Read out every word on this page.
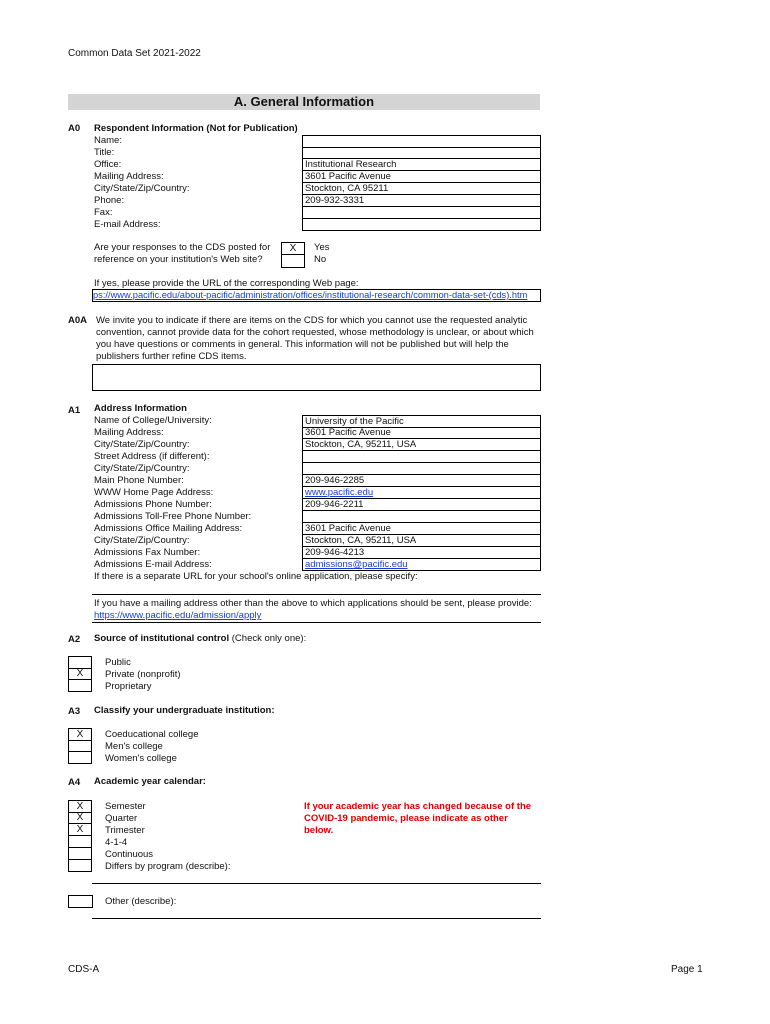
Common Data Set 2021-2022
A. General Information
A0 Respondent Information (Not for Publication)
Name:
Title:
Office:	Institutional Research
Mailing Address:	3601 Pacific Avenue
City/State/Zip/Country:	Stockton, CA 95211
Phone:	209-932-3331
Fax:
E-mail Address:
Are your responses to the CDS posted for
reference on your institution's Web site?
X	Yes
No
If yes, please provide the URL of the corresponding Web page:
ps://www.pacific.edu/about-pacific/administration/offices/institutional-research/common-data-set-(cds).htm
A0A We invite you to indicate if there are items on the CDS for which you cannot use the requested analytic
convention, cannot provide data for the cohort requested, whose methodology is unclear, or about which
you have questions or comments in general. This information will not be published but will help the
publishers further refine CDS items.
A1 Address Information
Name of College/University:	University of the Pacific
Mailing Address:	3601 Pacific Avenue
City/State/Zip/Country:	Stockton, CA, 95211, USA
Street Address (if different):
City/State/Zip/Country:
Main Phone Number:	209-946-2285
WWW Home Page Address:	www.pacific.edu
Admissions Phone Number:	209-946-2211
Admissions Toll-Free Phone Number:
Admissions Office Mailing Address:	3601 Pacific Avenue
City/State/Zip/Country:	Stockton, CA, 95211, USA
Admissions Fax Number:	209-946-4213
Admissions E-mail Address:	admissions@pacific.edu
If there is a separate URL for your school's online application, please specify:
If you have a mailing address other than the above to which applications should be sent, please provide:
https://www.pacific.edu/admission/apply
A2 Source of institutional control (Check only one):
Public
X	Private (nonprofit)
Proprietary
A3 Classify your undergraduate institution:
X	Coeducational college
Men's college
Women's college
A4 Academic year calendar:
X	Semester
X	Quarter
X	Trimester
4-1-4
Continuous
Differs by program (describe):
If your academic year has changed because of the
COVID-19 pandemic, please indicate as other
below.
Other (describe):
CDS-A	Page 1
